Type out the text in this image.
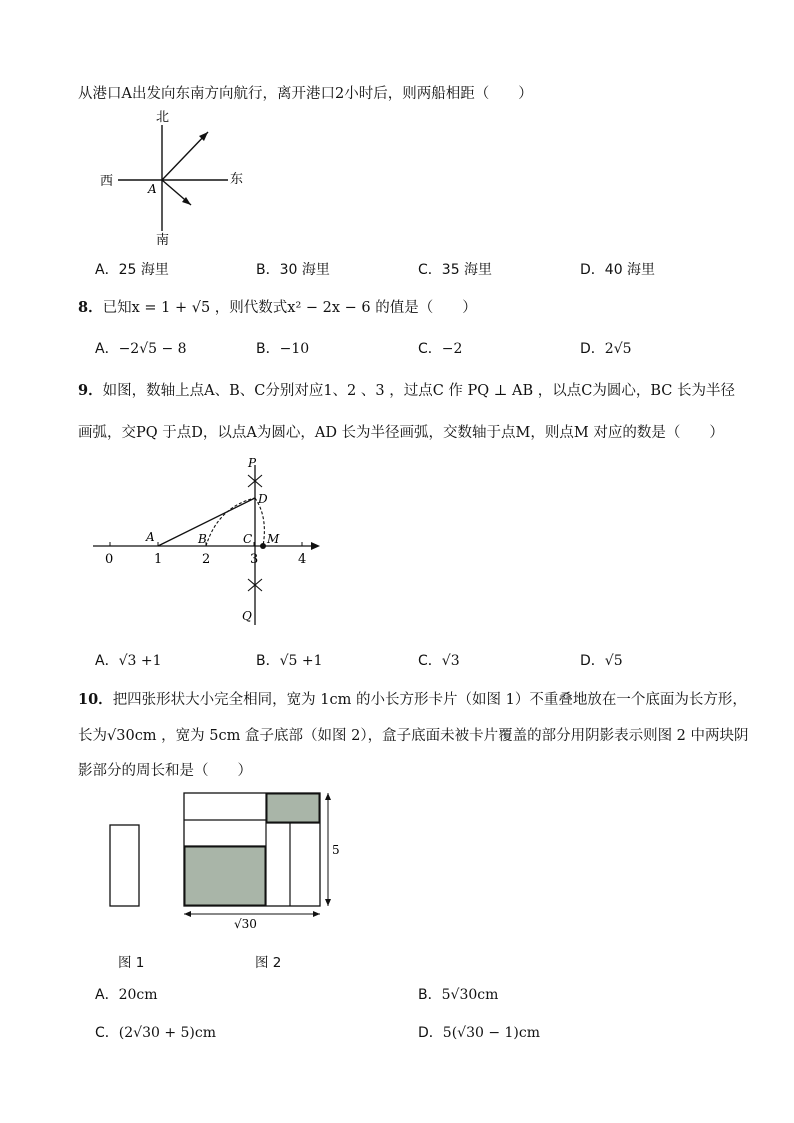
从港口A出发向东南方向航行，离开港口2小时后，则两船相距（　　）
北
南
西	东
A
A．25 海里	B．30 海里	C．35 海里	D．40 海里
8．已知x = 1 + √5 ，则代数式x² − 2x − 6 的值是（　　）
A．−2√5 − 8	B．−10	C．−2	D．2√5
9．如图，数轴上点A、B、C分别对应1、2 、3 ，过点C 作 PQ ⊥ AB ，以点C为圆心，BC 长为半径
画弧，交PQ 于点D，以点A为圆心，AD 长为半径画弧，交数轴于点M，则点M 对应的数是（　　）
0	1	2	3	4
P
D
A	B	C M
Q
A．√3 +1	B．√5 +1	C．√3	D．√5
10．把四张形状大小完全相同，宽为 1cm 的小长方形卡片（如图 1）不重叠地放在一个底面为长方形，
长为√30cm ，宽为 5cm 盒子底部（如图 2），盒子底面未被卡片覆盖的部分用阴影表示则图 2 中两块阴
影部分的周长和是（　　）
5
√30
图 1	图 2
A．20cm	B．5√30cm
C．(2√30 + 5)cm	D．5(√30 − 1)cm
